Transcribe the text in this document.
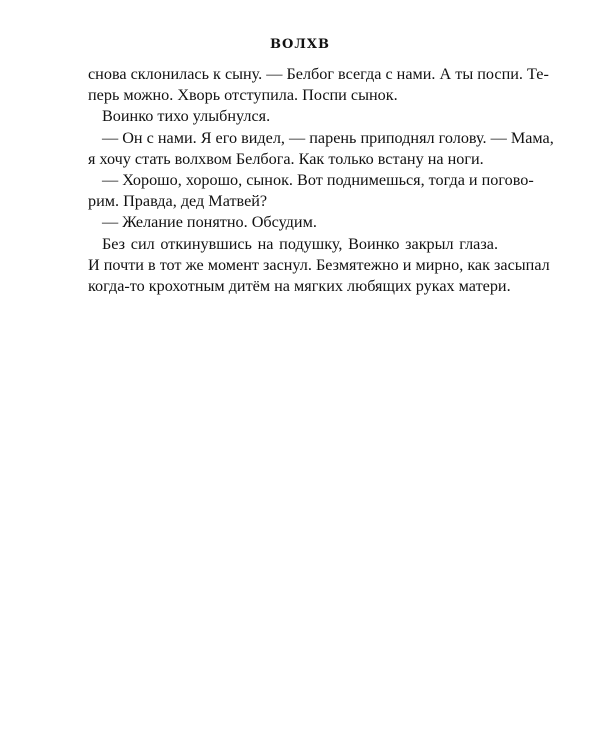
ВОЛХВ
снова склонилась к сыну. — Белбог всегда с нами. А ты поспи. Те-
перь можно. Хворь отступила. Поспи сынок.
Воинко тихо улыбнулся.
— Он с нами. Я его видел, — парень приподнял голову. — Мама,
я хочу стать волхвом Белбога. Как только встану на ноги.
— Хорошо, хорошо, сынок. Вот поднимешься, тогда и погово-
рим. Правда, дед Матвей?
— Желание понятно. Обсудим.
Без сил откинувшись на подушку, Воинко закрыл глаза.
И почти в тот же момент заснул. Безмятежно и мирно, как засыпал
когда-то крохотным дитём на мягких любящих руках матери.
